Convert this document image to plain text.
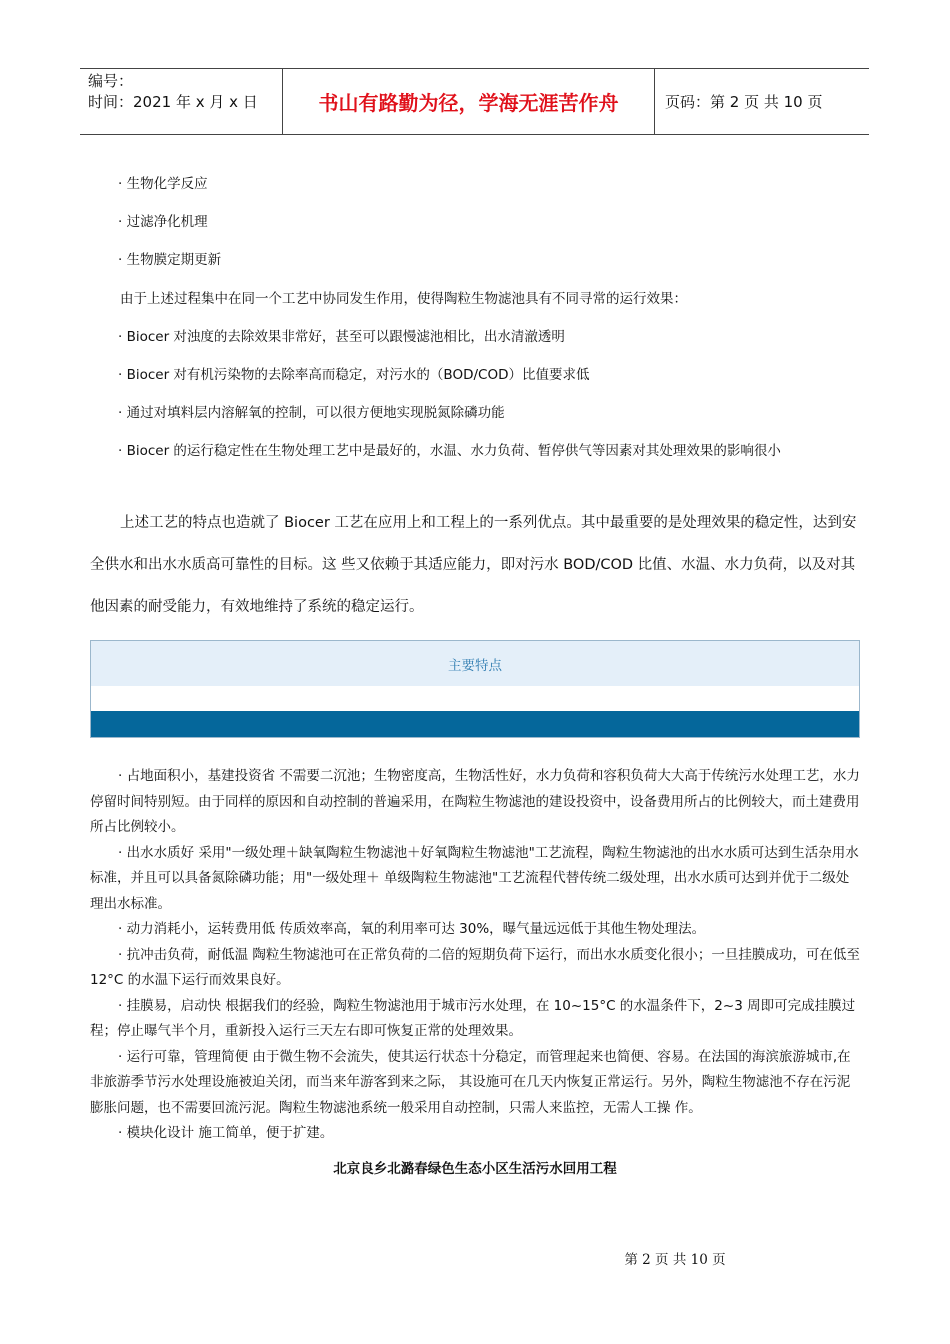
编号：
时间：2021 年 x 月 x 日	书山有路勤为径，学海无涯苦作舟	页码：第 2 页 共 10 页
· 生物化学反应
· 过滤净化机理
· 生物膜定期更新
由于上述过程集中在同一个工艺中协同发生作用，使得陶粒生物滤池具有不同寻常的运行效果：
· Biocer 对浊度的去除效果非常好，甚至可以跟慢滤池相比，出水清澈透明
· Biocer 对有机污染物的去除率高而稳定，对污水的（BOD/COD）比值要求低
· 通过对填料层内溶解氧的控制，可以很方便地实现脱氮除磷功能
· Biocer 的运行稳定性在生物处理工艺中是最好的，水温、水力负荷、暂停供气等因素对其处理效果的影响很小
上述工艺的特点也造就了 Biocer 工艺在应用上和工程上的一系列优点。其中最重要的是处理效果的稳定性，达到安全供水和出水水质高可靠性的目标。这 些又依赖于其适应能力，即对污水 BOD/COD 比值、水温、水力负荷，以及对其他因素的耐受能力，有效地维持了系统的稳定运行。
主要特点

· 占地面积小，基建投资省 不需要二沉池；生物密度高，生物活性好，水力负荷和容积负荷大大高于传统污水处理工艺，水力停留时间特别短。由于同样的原因和自动控制的普遍采用，在陶粒生物滤池的建设投资中，设备费用所占的比例较大，而土建费用所占比例较小。

· 出水水质好 采用"一级处理＋缺氧陶粒生物滤池＋好氧陶粒生物滤池"工艺流程，陶粒生物滤池的出水水质可达到生活杂用水标准，并且可以具备氮除磷功能；用"一级处理＋ 单级陶粒生物滤池"工艺流程代替传统二级处理，出水水质可达到并优于二级处理出水标准。

· 动力消耗小，运转费用低 传质效率高，氧的利用率可达 30%，曝气量远远低于其他生物处理法。

· 抗冲击负荷，耐低温 陶粒生物滤池可在正常负荷的二倍的短期负荷下运行，而出水水质变化很小；一旦挂膜成功，可在低至 12°C 的水温下运行而效果良好。

· 挂膜易，启动快 根据我们的经验，陶粒生物滤池用于城市污水处理，在 10~15°C 的水温条件下，2~3 周即可完成挂膜过程；停止曝气半个月，重新投入运行三天左右即可恢复正常的处理效果。

· 运行可靠，管理简便 由于微生物不会流失，使其运行状态十分稳定，而管理起来也简便、容易。在法国的海滨旅游城市,在非旅游季节污水处理设施被迫关闭，而当来年游客到来之际， 其设施可在几天内恢复正常运行。另外，陶粒生物滤池不存在污泥膨胀问题，也不需要回流污泥。陶粒生物滤池系统一般采用自动控制，只需人来监控，无需人工操 作。

· 模块化设计 施工简单，便于扩建。

北京良乡北潞春绿色生态小区生活污水回用工程
第 2 页 共 10 页
